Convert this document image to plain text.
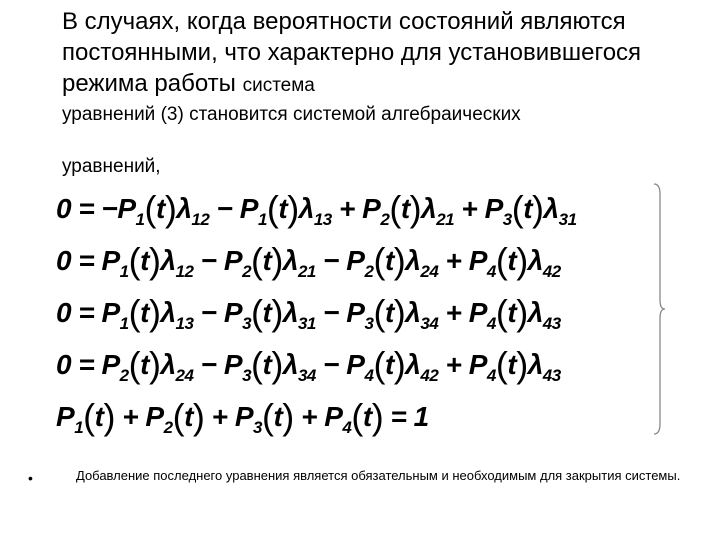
В случаях, когда вероятности состояний являются постоянными, что характерно для установившегося режима работы система
уравнений (3) становится системой алгебраических
уравнений,
$0 = -P_1(t)\lambda_{12} - P_1(t)\lambda_{13} + P_2(t)\lambda_{21} + P_3(t)\lambda_{31}$
$0 = P_1(t)\lambda_{12} - P_2(t)\lambda_{21} - P_2(t)\lambda_{24} + P_4(t)\lambda_{42}$
$0 = P_1(t)\lambda_{13} - P_3(t)\lambda_{31} - P_3(t)\lambda_{34} + P_4(t)\lambda_{43}$
$0 = P_2(t)\lambda_{24} - P_3(t)\lambda_{34} - P_4(t)\lambda_{42} + P_4(t)\lambda_{43}$
$P_1(t) + P_2(t) + P_3(t) + P_4(t) = 1$
•	Добавление последнего уравнения является обязательным и необходимым для закрытия системы.
